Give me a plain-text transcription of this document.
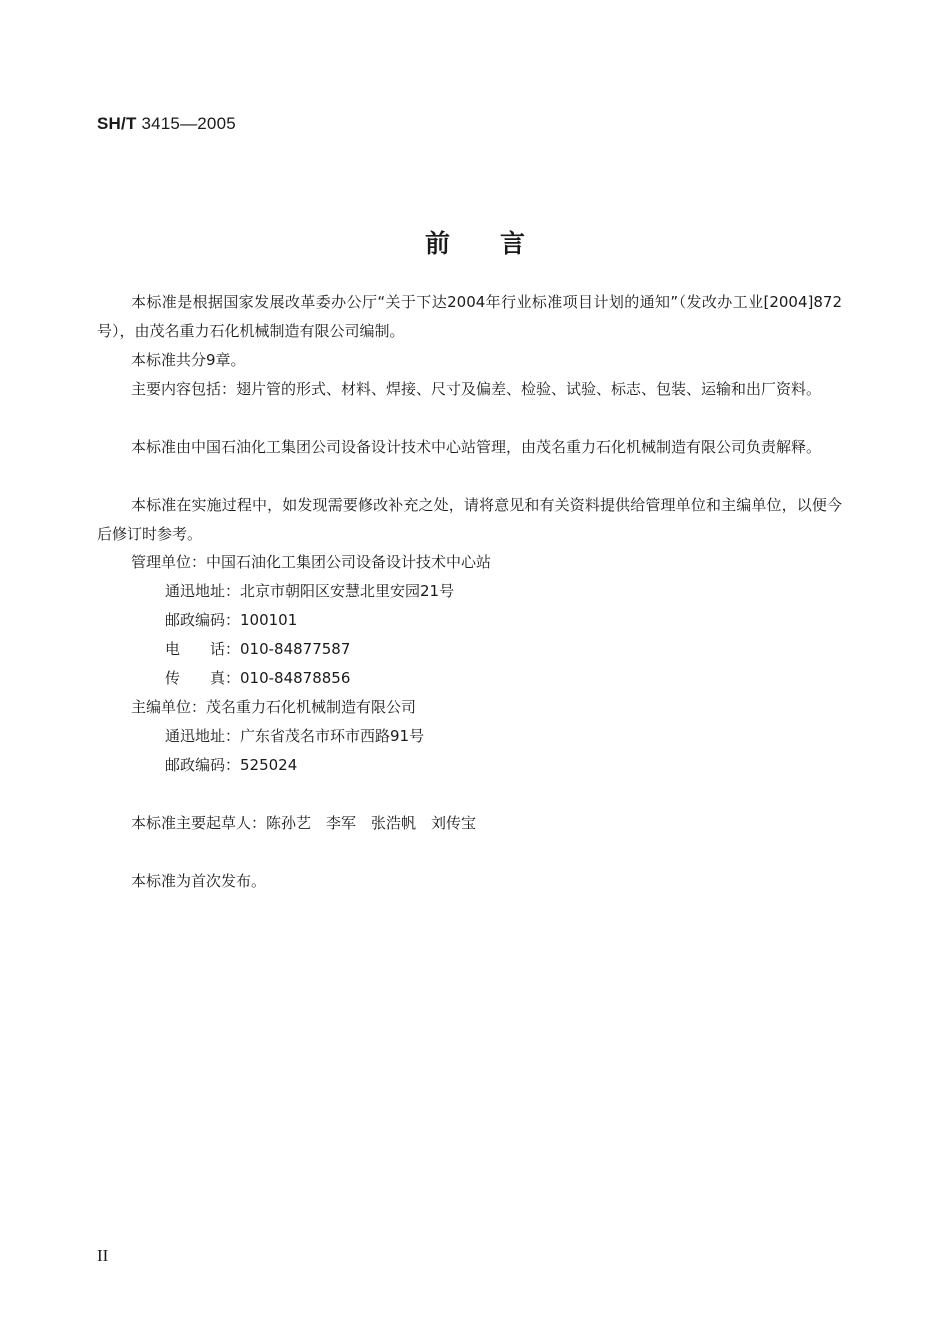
SH/T 3415—2005
前言

本标准是根据国家发展改革委办公厅“关于下达2004年行业标准项目计划的通知”（发改办工业[2004]872号），由茂名重力石化机械制造有限公司编制。

本标准共分9章。

主要内容包括：翅片管的形式、材料、焊接、尺寸及偏差、检验、试验、标志、包装、运输和出厂资料。

本标准由中国石油化工集团公司设备设计技术中心站管理，由茂名重力石化机械制造有限公司负责解释。

本标准在实施过程中，如发现需要修改补充之处，请将意见和有关资料提供给管理单位和主编单位，以便今后修订时参考。

管理单位：中国石油化工集团公司设备设计技术中心站

通迅地址：北京市朝阳区安慧北里安园21号

邮政编码：100101

电　　话：010-84877587

传　　真：010-84878856

主编单位：茂名重力石化机械制造有限公司

通迅地址：广东省茂名市环市西路91号

邮政编码：525024

本标准主要起草人：陈孙艺　李军　张浩帆　刘传宝

本标准为首次发布。

II
